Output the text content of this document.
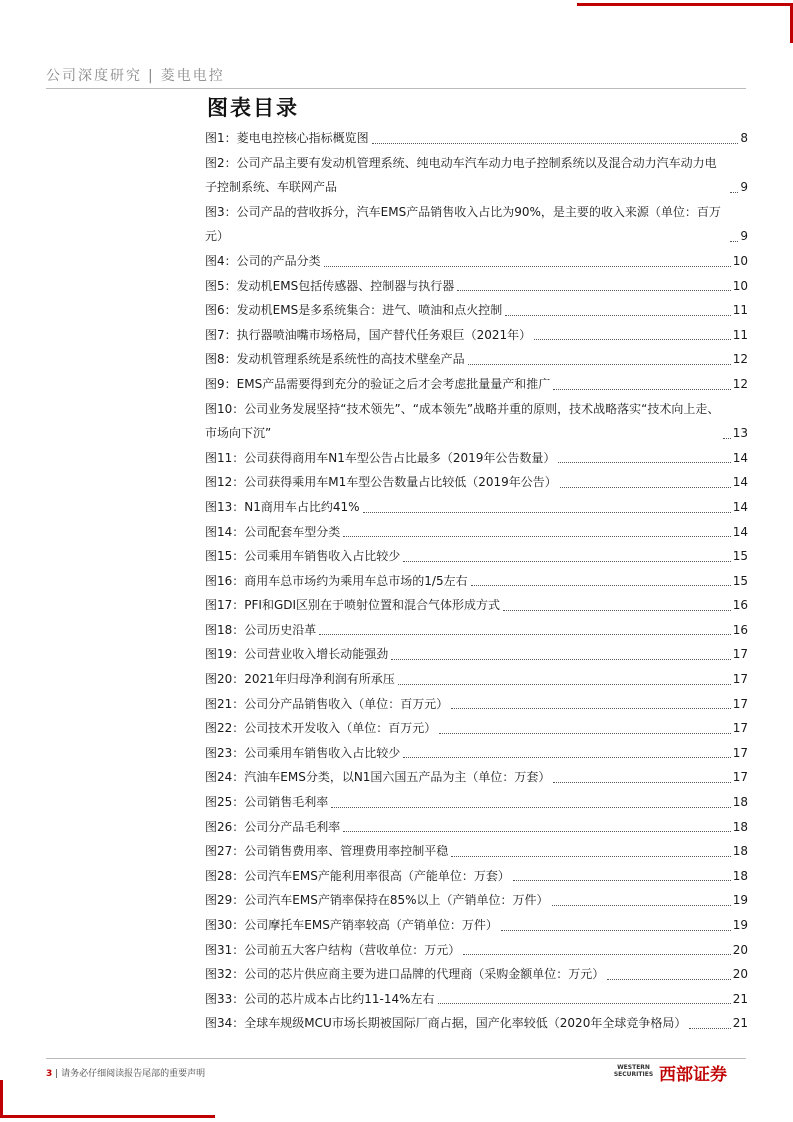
公司深度研究 | 菱电电控
图表目录
图1：菱电电控核心指标概览图	8
图2：公司产品主要有发动机管理系统、纯电动车汽车动力电子控制系统以及混合动力汽车动力电子控制系统、车联网产品	9
图3：公司产品的营收拆分，汽车EMS产品销售收入占比为90%，是主要的收入来源（单位：百万元）	9
图4：公司的产品分类	10
图5：发动机EMS包括传感器、控制器与执行器	10
图6：发动机EMS是多系统集合：进气、喷油和点火控制	11
图7：执行器喷油嘴市场格局，国产替代任务艰巨（2021年）	11
图8：发动机管理系统是系统性的高技术壁垒产品	12
图9：EMS产品需要得到充分的验证之后才会考虑批量量产和推广	12
图10：公司业务发展坚持“技术领先”、“成本领先”战略并重的原则，技术战略落实“技术向上走、市场向下沉”	13
图11：公司获得商用车N1车型公告占比最多（2019年公告数量）	14
图12：公司获得乘用车M1车型公告数量占比较低（2019年公告）	14
图13：N1商用车占比约41%	14
图14：公司配套车型分类	14
图15：公司乘用车销售收入占比较少	15
图16：商用车总市场约为乘用车总市场的1/5左右	15
图17：PFI和GDI区别在于喷射位置和混合气体形成方式	16
图18：公司历史沿革	16
图19：公司营业收入增长动能强劲	17
图20：2021年归母净利润有所承压	17
图21：公司分产品销售收入（单位：百万元）	17
图22：公司技术开发收入（单位：百万元）	17
图23：公司乘用车销售收入占比较少	17
图24：汽油车EMS分类，以N1国六国五产品为主（单位：万套）	17
图25：公司销售毛利率	18
图26：公司分产品毛利率	18
图27：公司销售费用率、管理费用率控制平稳	18
图28：公司汽车EMS产能利用率很高（产能单位：万套）	18
图29：公司汽车EMS产销率保持在85%以上（产销单位：万件）	19
图30：公司摩托车EMS产销率较高（产销单位：万件）	19
图31：公司前五大客户结构（营收单位：万元）	20
图32：公司的芯片供应商主要为进口品牌的代理商（采购金额单位：万元）	20
图33：公司的芯片成本占比约11-14%左右	21
图34：全球车规级MCU市场长期被国际厂商占据，国产化率较低（2020年全球竞争格局）	21
3 | 请务必仔细阅读报告尾部的重要声明
WESTERN
SECURITIES 西部证券
